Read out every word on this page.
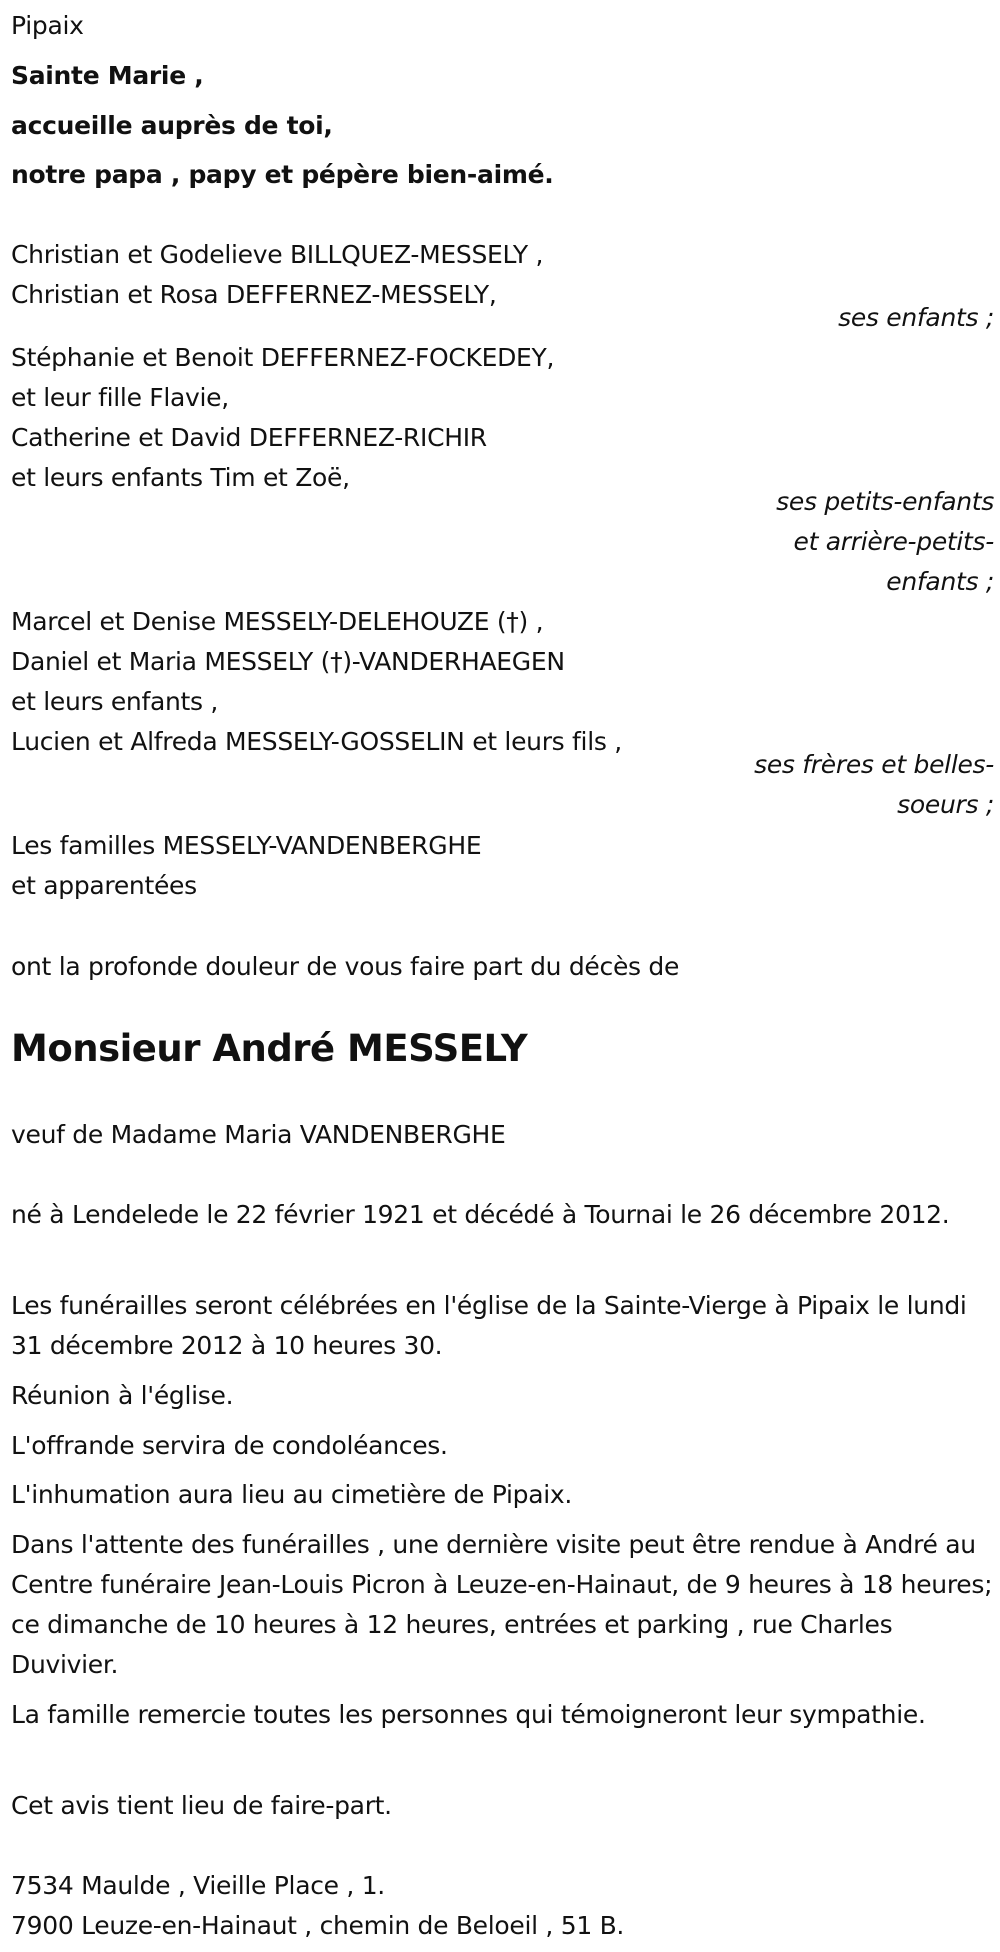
Pipaix
Sainte Marie ,
accueille auprès de toi,
notre papa , papy et pépère bien-aimé.
Christian et Godelieve BILLQUEZ-MESSELY ,
Christian et Rosa DEFFERNEZ-MESSELY,
ses enfants ;
Stéphanie et Benoit DEFFERNEZ-FOCKEDEY,
et leur fille Flavie,
Catherine et David DEFFERNEZ-RICHIR
et leurs enfants Tim et Zoë,
ses petits-enfants
et arrière-petits-
enfants ;
Marcel et Denise MESSELY-DELEHOUZE (†) ,
Daniel et Maria MESSELY (†)-VANDERHAEGEN
et leurs enfants ,
Lucien et Alfreda MESSELY-GOSSELIN et leurs fils ,
ses frères et belles-
soeurs ;
Les familles MESSELY-VANDENBERGHE
et apparentées
ont la profonde douleur de vous faire part du décès de
Monsieur André MESSELY
veuf de Madame Maria VANDENBERGHE
né à Lendelede le 22 février 1921 et décédé à Tournai le 26 décembre 2012.
Les funérailles seront célébrées en l'église de la Sainte-Vierge à Pipaix le lundi 31 décembre 2012 à 10 heures 30.
Réunion à l'église.
L'offrande servira de condoléances.
L'inhumation aura lieu au cimetière de Pipaix.
Dans l'attente des funérailles , une dernière visite peut être rendue à André au Centre funéraire Jean-Louis Picron à Leuze-en-Hainaut, de 9 heures à 18 heures; ce dimanche de 10 heures à 12 heures, entrées et parking , rue Charles Duvivier.
La famille remercie toutes les personnes qui témoigneront leur sympathie.
Cet avis tient lieu de faire-part.
7534 Maulde , Vieille Place , 1.
7900 Leuze-en-Hainaut , chemin de Beloeil , 51 B.
